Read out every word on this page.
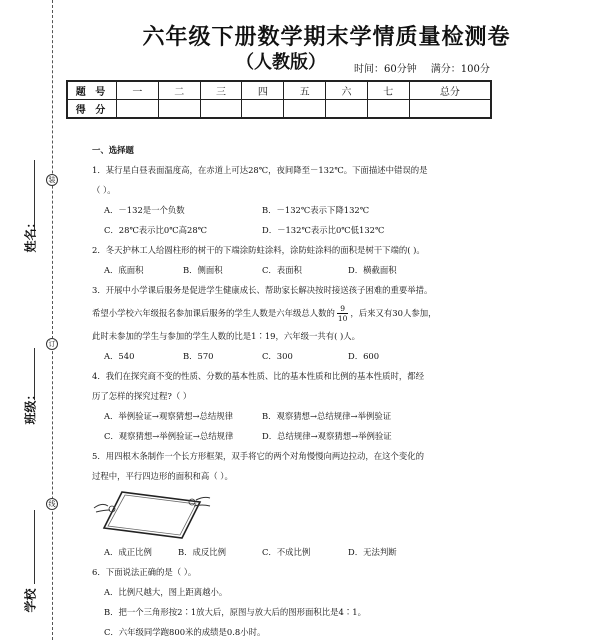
装
订
线
姓名：
班级：
学校
六年级下册数学期末学情质量检测卷
（人教版）	时间：60分钟 满分：100分
题 号	一	二	三	四	五	六	七	总分
得 分								
一、选择题
1．某行星白昼表面温度高，在赤道上可达28℃，夜间降至－132℃。下面描述中错误的是
（ ）。
A．－132是一个负数	B．－132℃表示下降132℃
C．28℃表示比0℃高28℃	D．－132℃表示比0℃低132℃
2．冬天护林工人给圆柱形的树干的下端涂防蛀涂料，涂防蛀涂料的面积是树干下端的( )。
A．底面积	B．侧面积	C．表面积	D．横截面积
3．开展中小学课后服务是促进学生健康成长、帮助家长解决按时接送孩子困难的重要举措。
希望小学校六年级报名参加课后服务的学生人数是六年级总人数的 $\frac{9}{10}$ ，后来又有30人参加，
此时未参加的学生与参加的学生人数的比是1∶19，六年级一共有( )人。
A．540	B．570	C．300	D．600
4．我们在探究商不变的性质、分数的基本性质、比的基本性质和比例的基本性质时，都经
历了怎样的探究过程?（ ）
A．举例验证→观察猜想→总结规律	B．观察猜想→总结规律→举例验证
C．观察猜想→举例验证→总结规律	D．总结规律→观察猜想→举例验证
5．用四根木条制作一个长方形框架，双手将它的两个对角慢慢向两边拉动，在这个变化的
过程中，平行四边形的面积和高（ ）。
A．成正比例	B．成反比例	C．不成比例	D．无法判断
6．下面说法正确的是（ ）。
A．比例尺越大，图上距离越小。
B．把一个三角形按2∶1放大后，原图与放大后的图形面积比是4∶1。
C．六年级同学跑800米的成绩是0.8小时。
